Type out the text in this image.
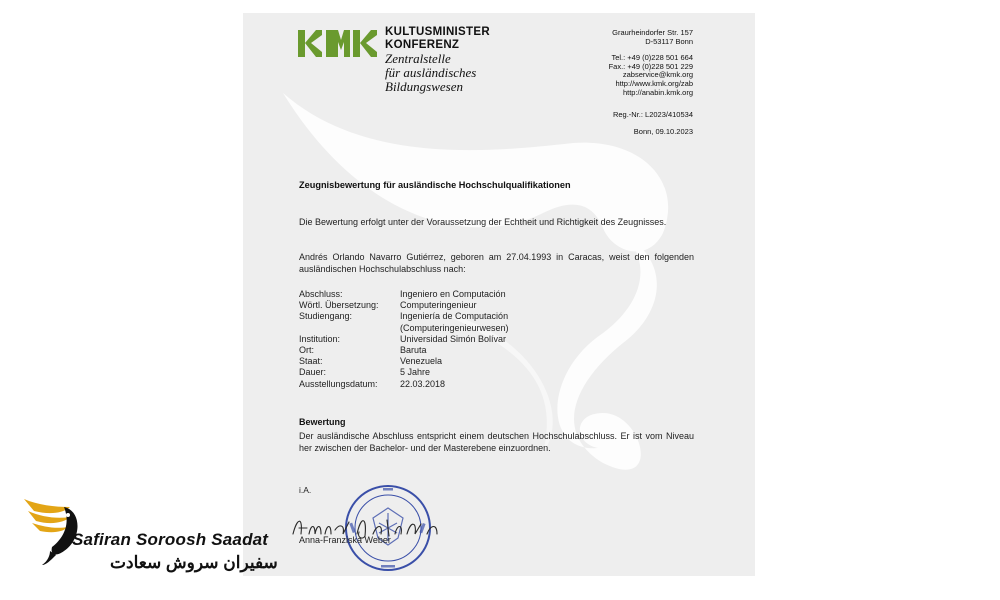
KULTUSMINISTER
KONFERENZ
Zentralstelle
für ausländisches
Bildungswesen
Graurheindorfer Str. 157
D-53117 Bonn
Tel.: +49 (0)228 501 664
Fax.: +49 (0)228 501 229
zabservice@kmk.org
http://www.kmk.org/zab
http://anabin.kmk.org
Reg.-Nr.: L2023/410534
Bonn, 09.10.2023
Zeugnisbewertung für ausländische Hochschulqualifikationen
Die Bewertung erfolgt unter der Voraussetzung der Echtheit und Richtigkeit des Zeugnisses.
Andrés Orlando Navarro Gutiérrez, geboren am 27.04.1993 in Caracas, weist den folgenden ausländischen Hochschulabschluss nach:
Abschluss:	Ingeniero en Computación
Wörtl. Übersetzung:	Computeringenieur
Studiengang:	Ingeniería de Computación
(Computeringenieurwesen)
Institution:	Universidad Simón Bolívar
Ort:	Baruta
Staat:	Venezuela
Dauer:	5 Jahre
Ausstellungsdatum:	22.03.2018
Bewertung
Der ausländische Abschluss entspricht einem deutschen Hochschulabschluss. Er ist vom Niveau her zwischen der Bachelor- und der Masterebene einzuordnen.
i.A.
Anna-Franziska Weber
Safiran Soroosh Saadat
سفیران سروش سعادت
